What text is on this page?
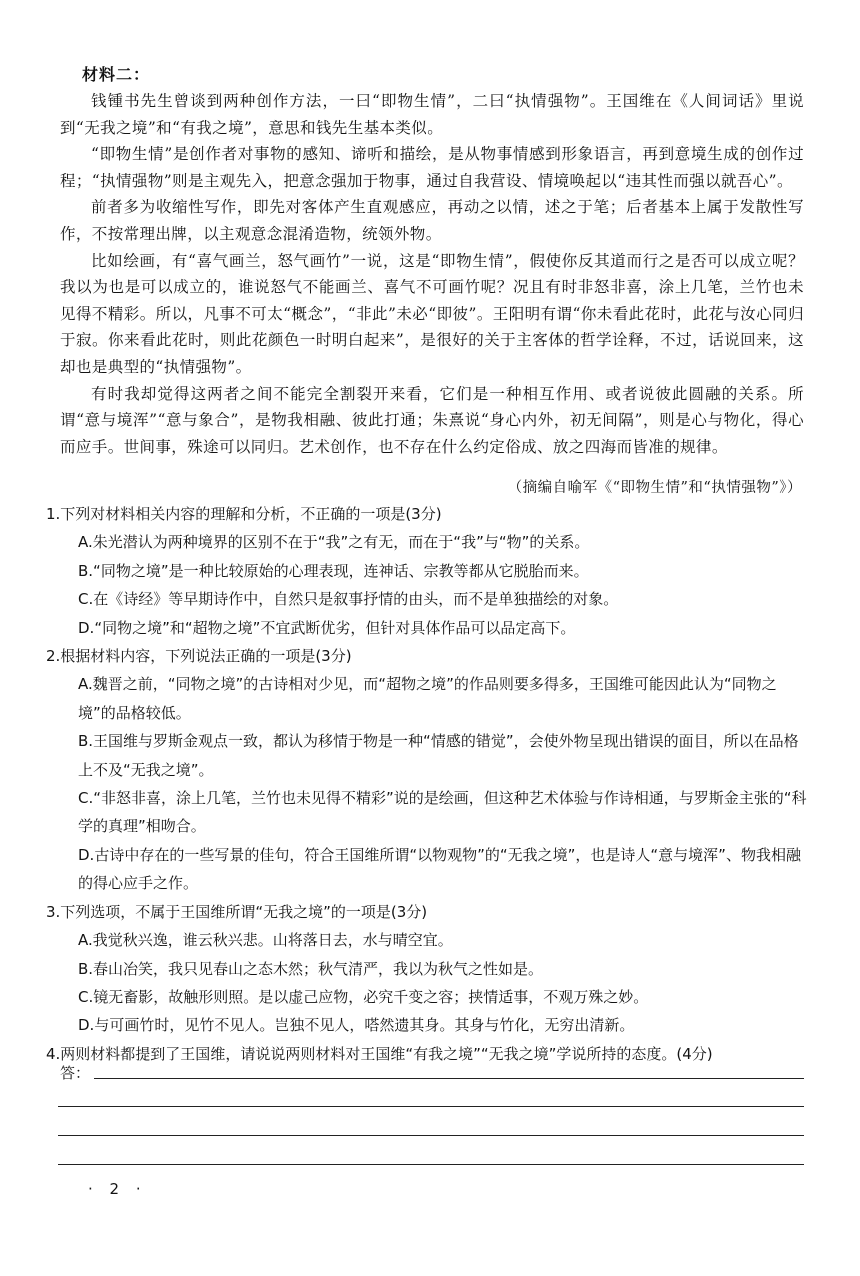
材料二：

钱锺书先生曾谈到两种创作方法，一曰“即物生情”，二曰“执情强物”。王国维在《人间词话》里说到“无我之境”和“有我之境”，意思和钱先生基本类似。

“即物生情”是创作者对事物的感知、谛听和描绘，是从物事情感到形象语言，再到意境生成的创作过程；“执情强物”则是主观先入，把意念强加于物事，通过自我营设、情境唤起以“违其性而强以就吾心”。

前者多为收缩性写作，即先对客体产生直观感应，再动之以情，述之于笔；后者基本上属于发散性写作，不按常理出牌，以主观意念混淆造物，统领外物。

比如绘画，有“喜气画兰，怒气画竹”一说，这是“即物生情”，假使你反其道而行之是否可以成立呢？我以为也是可以成立的，谁说怒气不能画兰、喜气不可画竹呢？况且有时非怒非喜，涂上几笔，兰竹也未见得不精彩。所以，凡事不可太“概念”，“非此”未必“即彼”。王阳明有谓“你未看此花时，此花与汝心同归于寂。你来看此花时，则此花颜色一时明白起来”，是很好的关于主客体的哲学诠释，不过，话说回来，这却也是典型的“执情强物”。

有时我却觉得这两者之间不能完全割裂开来看，它们是一种相互作用、或者说彼此圆融的关系。所谓“意与境浑”“意与象合”，是物我相融、彼此打通；朱熹说“身心内外，初无间隔”，则是心与物化，得心而应手。世间事，殊途可以同归。艺术创作，也不存在什么约定俗成、放之四海而皆准的规律。

（摘编自喻军《“即物生情”和“执情强物”》）

1.下列对材料相关内容的理解和分析，不正确的一项是(3分)

A.朱光潜认为两种境界的区别不在于“我”之有无，而在于“我”与“物”的关系。

B.“同物之境”是一种比较原始的心理表现，连神话、宗教等都从它脱胎而来。

C.在《诗经》等早期诗作中，自然只是叙事抒情的由头，而不是单独描绘的对象。

D.“同物之境”和“超物之境”不宜武断优劣，但针对具体作品可以品定高下。

2.根据材料内容，下列说法正确的一项是(3分)

A.魏晋之前，“同物之境”的古诗相对少见，而“超物之境”的作品则要多得多，王国维可能因此认为“同物之境”的品格较低。

B.王国维与罗斯金观点一致，都认为移情于物是一种“情感的错觉”，会使外物呈现出错误的面目，所以在品格上不及“无我之境”。

C.“非怒非喜，涂上几笔，兰竹也未见得不精彩”说的是绘画，但这种艺术体验与作诗相通，与罗斯金主张的“科学的真理”相吻合。

D.古诗中存在的一些写景的佳句，符合王国维所谓“以物观物”的“无我之境”，也是诗人“意与境浑”、物我相融的得心应手之作。

3.下列选项，不属于王国维所谓“无我之境”的一项是(3分)

A.我觉秋兴逸，谁云秋兴悲。山将落日去，水与晴空宜。

B.春山冶笑，我只见春山之态木然；秋气清严，我以为秋气之性如是。

C.镜无畜影，故触形则照。是以虚己应物，必究千变之容；挟情适事，不观万殊之妙。

D.与可画竹时，见竹不见人。岂独不见人，嗒然遗其身。其身与竹化，无穷出清新。

4.两则材料都提到了王国维，请说说两则材料对王国维“有我之境”“无我之境”学说所持的态度。(4分)

答：
· 2 ·
